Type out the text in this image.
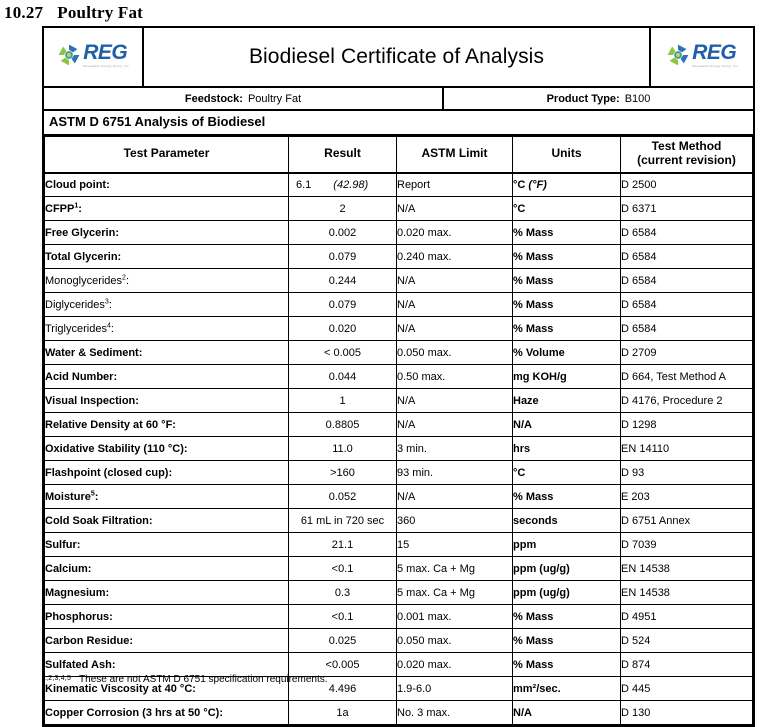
10.27 Poultry Fat
REG
Renewable Energy Group, Inc.	Biodiesel Certificate of Analysis	REG
Renewable Energy Group, Inc.
Feedstock: Poultry Fat	Product Type: B100
ASTM D 6751 Analysis of Biodiesel
Test Parameter	Result	ASTM Limit	Units	Test Method
(current revision)
Cloud point:	6.1 (42.98)	Report	°C (°F)	D 2500
CFPP$^1$:	2	N/A	°C	D 6371
Free Glycerin:	0.002	0.020 max.	% Mass	D 6584
Total Glycerin:	0.079	0.240 max.	% Mass	D 6584
Monoglycerides$^2$:	0.244	N/A	% Mass	D 6584
Diglycerides$^3$:	0.079	N/A	% Mass	D 6584
Triglycerides$^4$:	0.020	N/A	% Mass	D 6584
Water & Sediment:	< 0.005	0.050 max.	% Volume	D 2709
Acid Number:	0.044	0.50 max.	mg KOH/g	D 664, Test Method A
Visual Inspection:	1	N/A	Haze	D 4176, Procedure 2
Relative Density at 60 °F:	0.8805	N/A	N/A	D 1298
Oxidative Stability (110 °C):	11.0	3 min.	hrs	EN 14110
Flashpoint (closed cup):	>160	93 min.	°C	D 93
Moisture$^5$:	0.052	N/A	% Mass	E 203
Cold Soak Filtration:	61 mL in 720 sec	360	seconds	D 6751 Annex
Sulfur:	21.1	15	ppm	D 7039
Calcium:	<0.1	5 max. Ca + Mg	ppm (ug/g)	EN 14538
Magnesium:	0.3	5 max. Ca + Mg	ppm (ug/g)	EN 14538
Phosphorus:	<0.1	0.001 max.	% Mass	D 4951
Carbon Residue:	0.025	0.050 max.	% Mass	D 524
Sulfated Ash:	<0.005	0.020 max.	% Mass	D 874
Kinematic Viscosity at 40 °C:	4.496	1.9-6.0	mm²/sec.	D 445
Copper Corrosion (3 hrs at 50 °C):	1a	No. 3 max.	N/A	D 130
1,2,3,4,5 These are not ASTM D 6751 specification requirements.
